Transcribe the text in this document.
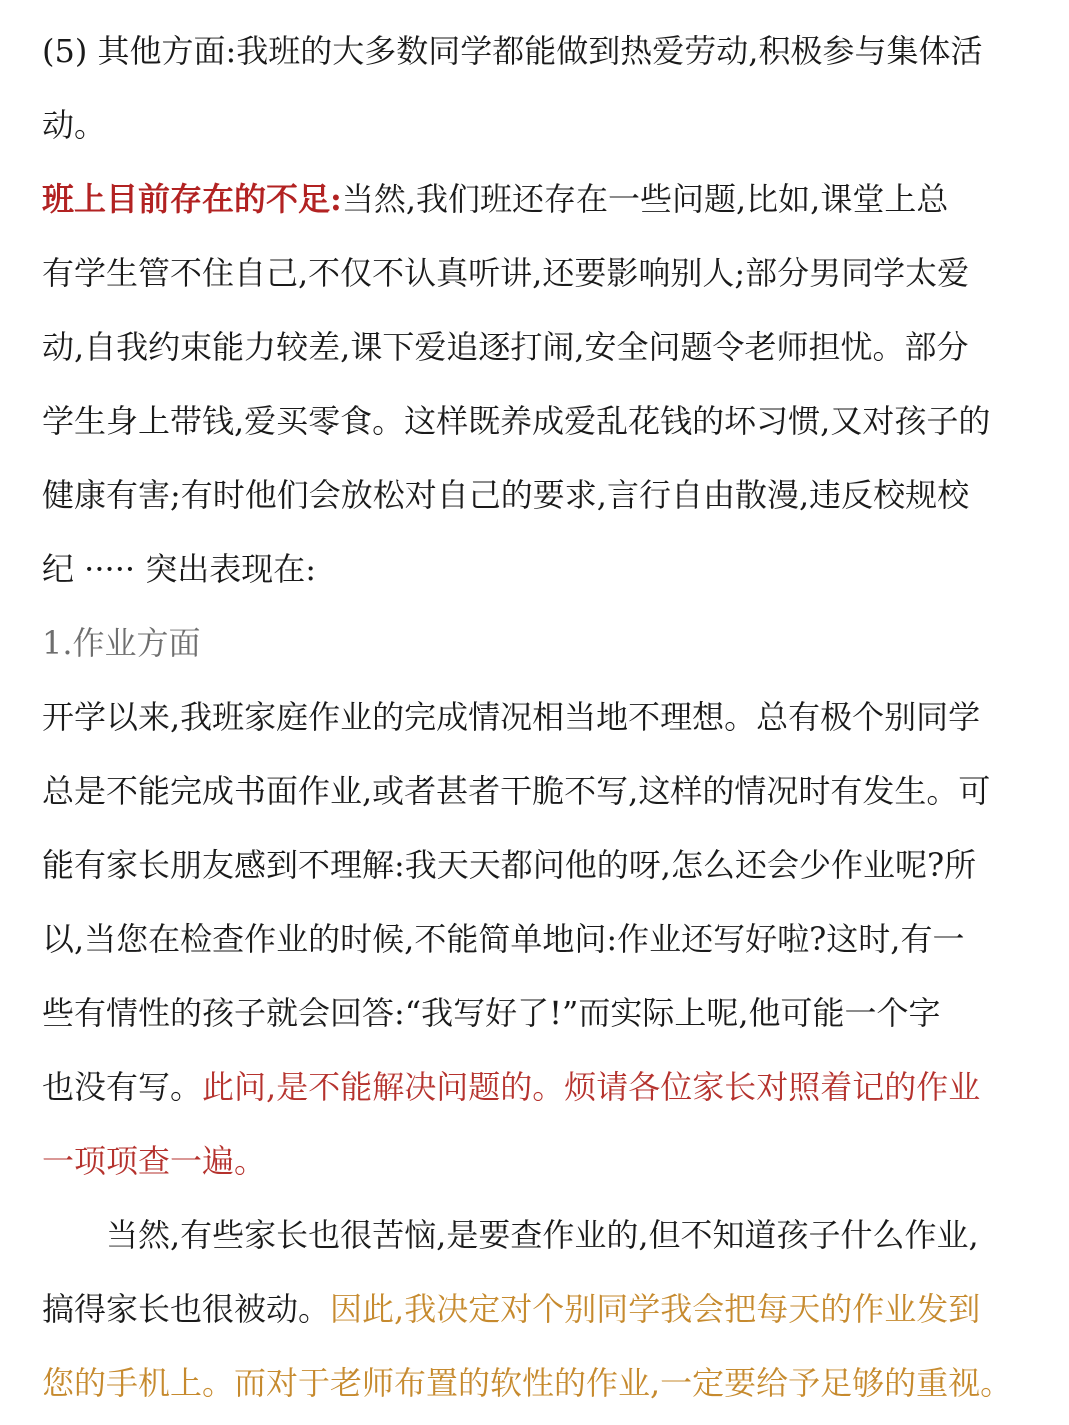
(5) 其他方面:我班的大多数同学都能做到热爱劳动,积极参与集体活
动。
班上目前存在的不足:当然,我们班还存在一些问题,比如,课堂上总
有学生管不住自己,不仅不认真听讲,还要影响别人;部分男同学太爱
动,自我约束能力较差,课下爱追逐打闹,安全问题令老师担忧。部分
学生身上带钱,爱买零食。这样既养成爱乱花钱的坏习惯,又对孩子的
健康有害;有时他们会放松对自己的要求,言行自由散漫,违反校规校
纪 ····· 突出表现在:
1.作业方面
开学以来,我班家庭作业的完成情况相当地不理想。总有极个别同学
总是不能完成书面作业,或者甚者干脆不写,这样的情况时有发生。可
能有家长朋友感到不理解:我天天都问他的呀,怎么还会少作业呢?所
以,当您在检查作业的时候,不能简单地问:作业还写好啦?这时,有一
些有情性的孩子就会回答:“我写好了!”而实际上呢,他可能一个字
也没有写。此问,是不能解决问题的。烦请各位家长对照着记的作业
一项项查一遍。
当然,有些家长也很苦恼,是要查作业的,但不知道孩子什么作业,
搞得家长也很被动。因此,我决定对个别同学我会把每天的作业发到
您的手机上。而对于老师布置的软性的作业,一定要给予足够的重视。
